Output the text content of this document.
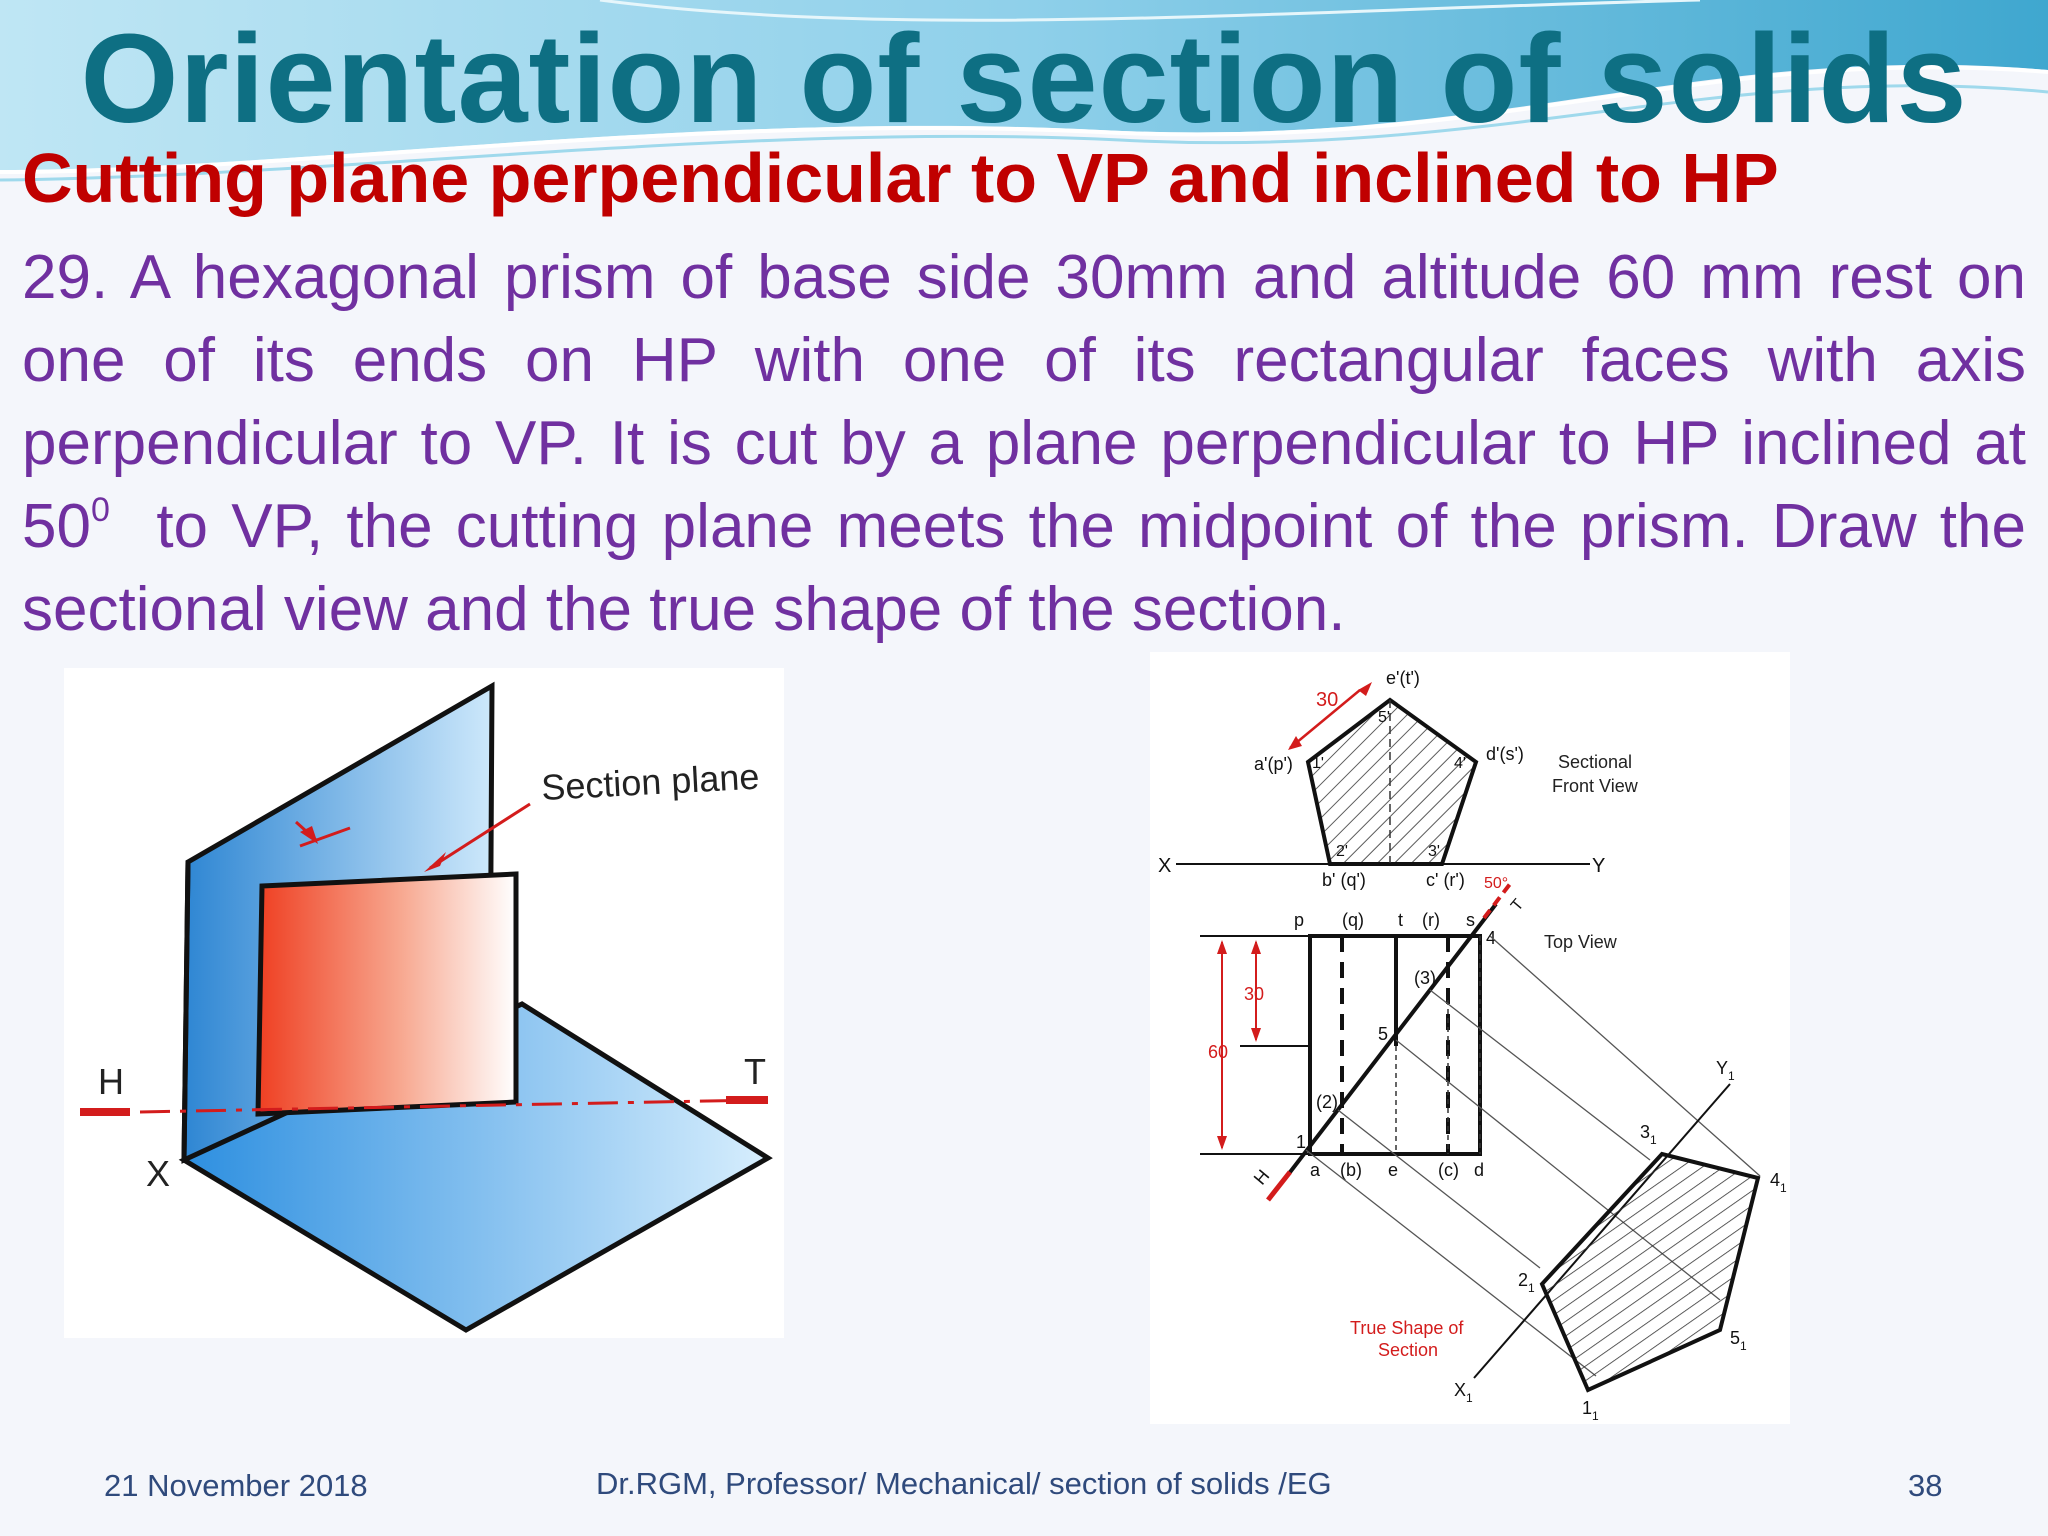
Orientation of section of solids
Cutting plane perpendicular to VP and inclined to HP

29. A hexagonal prism of base side 30mm and altitude 60 mm rest on one of its ends on HP with one of its rectangular faces with axis perpendicular to VP. It is cut by a plane perpendicular to HP inclined at $50^0$ to VP, the cutting plane meets the midpoint of the prism. Draw the sectional view and the true shape of the section.

Section plane
H	T
X
30
e'(t')
a'(p')	d'(s')
b' (q')	c' (r')
1'
2'	3'
4'
5'
Sectional
Front View
X	Y
50°
T
p (q) t (r) s
a (b) e (c) d
1
(2)
(3)
4
5
Top View
30
60
H
$Y_1$
$X_1$	$1_1$
$2_1$
$3_1$
$4_1$
$5_1$
True Shape of
Section
21 November 2018	Dr.RGM, Professor/ Mechanical/ section of solids /EG	38
